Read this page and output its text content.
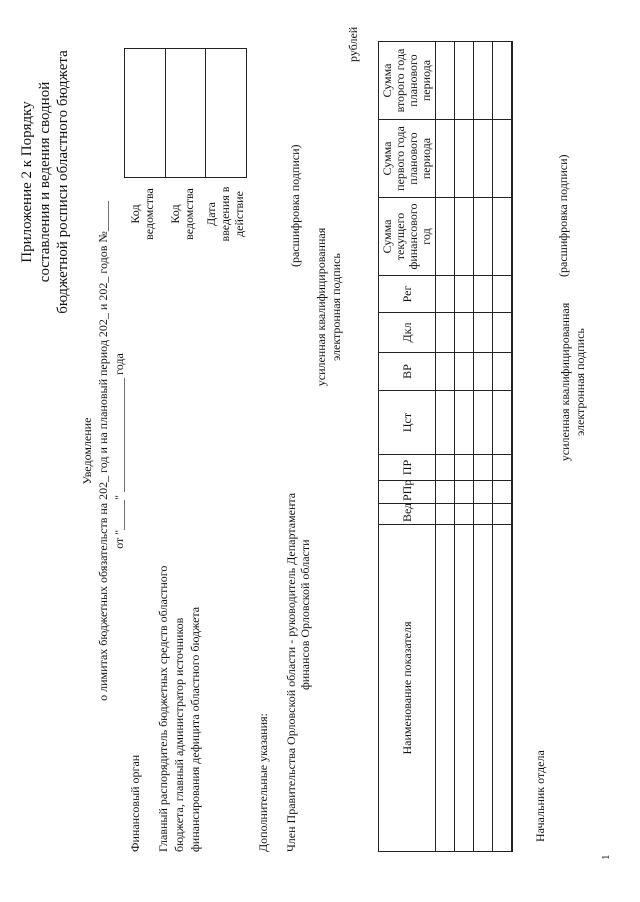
Приложение 2 к Порядку составления и ведения сводной бюджетной росписи областного бюджета
Уведомление о лимитах бюджетных обязательств на 202_ год и на плановый период 202_ и 202_ годов №_____ от "_____" ___________________ года
Код ведомства Код ведомства Дата введения в действие
Финансовый орган Главный распорядитель бюджетных средств областного бюджета, главный администратор источников финансирования дефицита областного бюджета
рублей
Дополнительные указания: Член Правительства Орловской области - руководитель Департамента финансов Орловской области
усиленная квалифицированная электронная подпись
(расшифровка подписи)
Наименование показателя	Вед	РПр	ПР	Цст	ВР	Дкл	Рег	Сумма текущего финансового год	Сумма первого года планового периода	Сумма второго года планового периода

Начальник отдела
усиленная квалифицированная электронная подпись
(расшифровка подписи)
1
